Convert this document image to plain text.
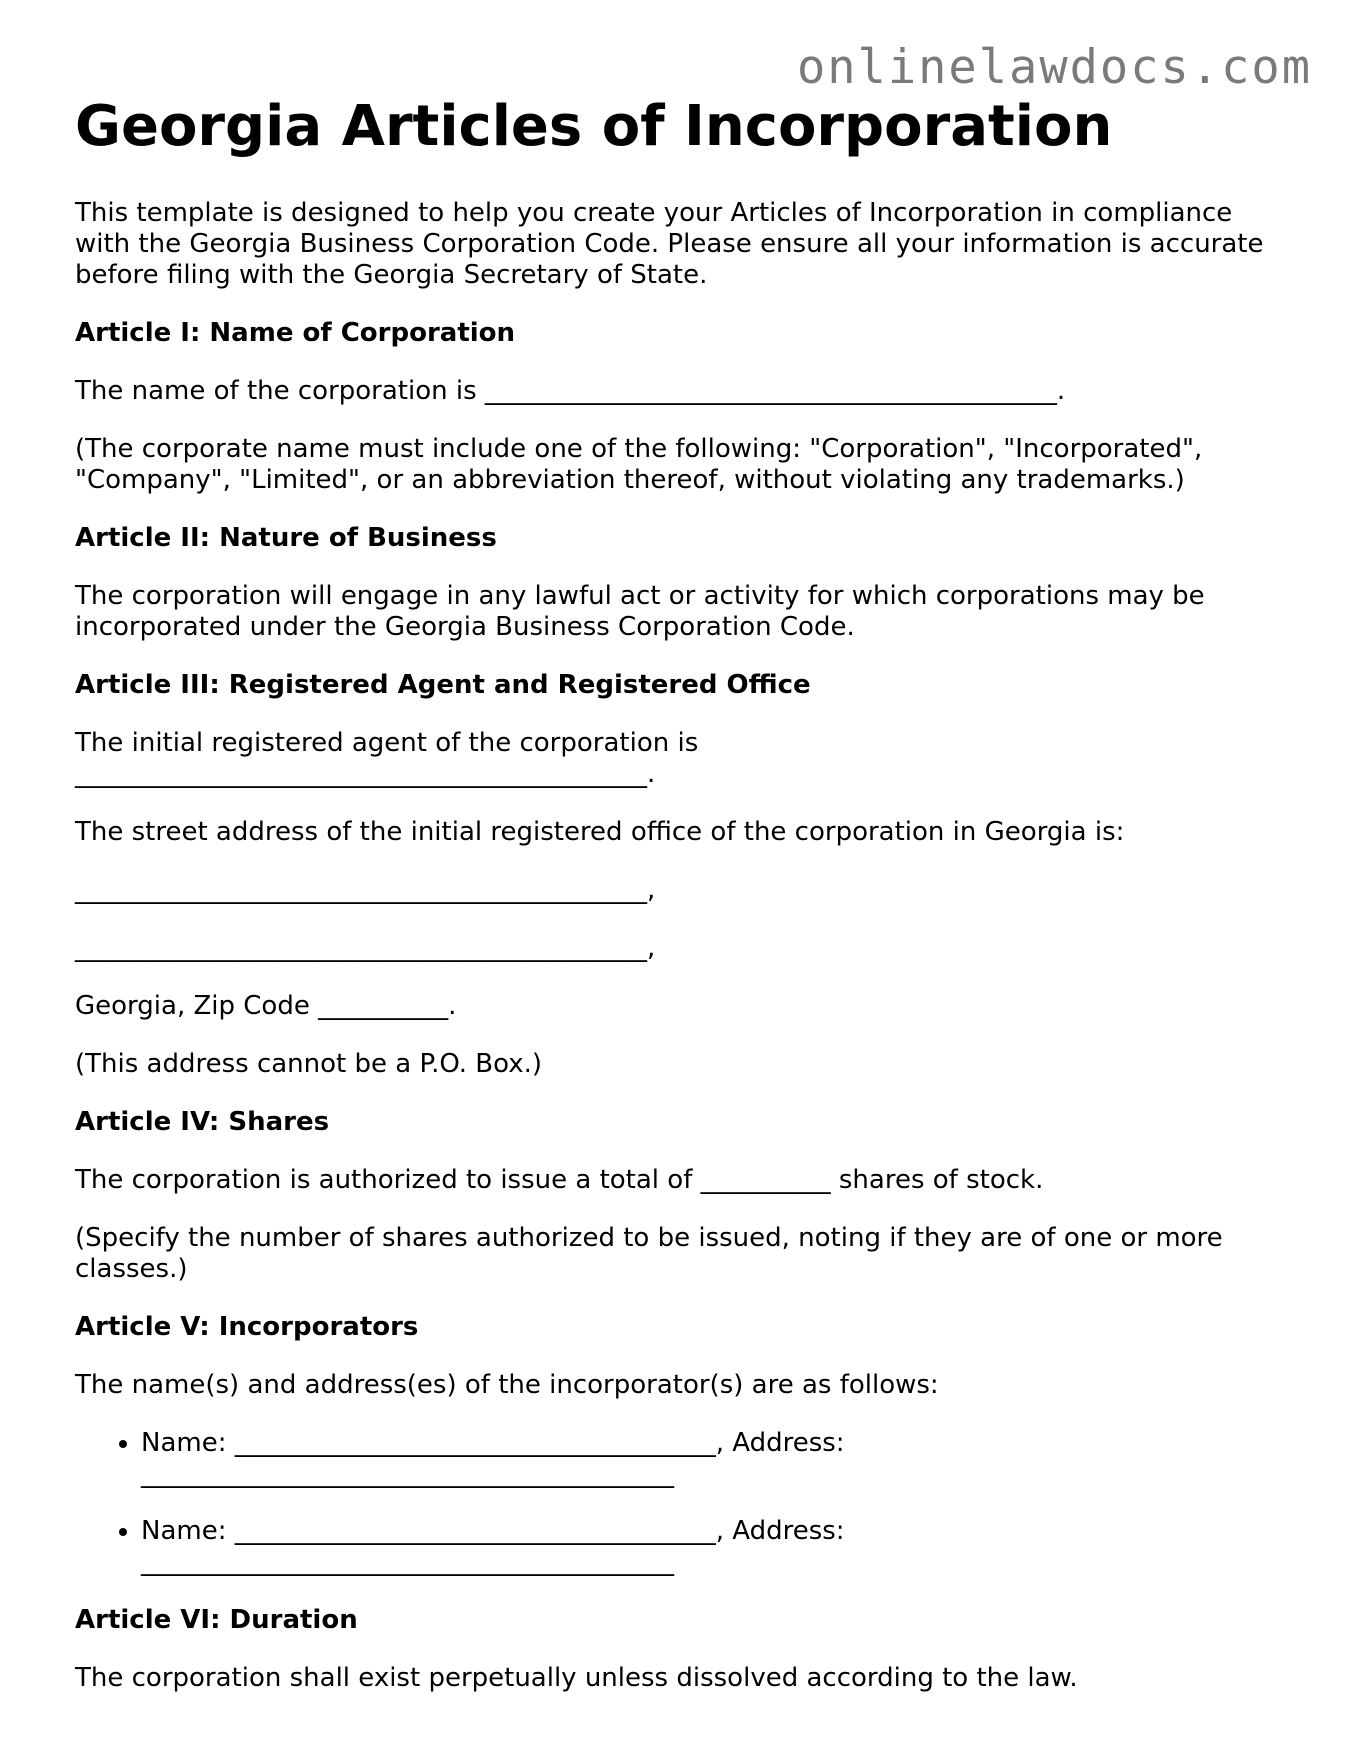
onlinelawdocs.com
Georgia Articles of Incorporation

This template is designed to help you create your Articles of Incorporation in compliance with the Georgia Business Corporation Code. Please ensure all your information is accurate before filing with the Georgia Secretary of State.

Article I: Name of Corporation

The name of the corporation is ____________________________________________.

(The corporate name must include one of the following: "Corporation", "Incorporated", "Company", "Limited", or an abbreviation thereof, without violating any trademarks.)

Article II: Nature of Business

The corporation will engage in any lawful act or activity for which corporations may be incorporated under the Georgia Business Corporation Code.

Article III: Registered Agent and Registered Office

The initial registered agent of the corporation is
____________________________________________.

The street address of the initial registered office of the corporation in Georgia is:

____________________________________________,

____________________________________________,

Georgia, Zip Code __________.

(This address cannot be a P.O. Box.)

Article IV: Shares

The corporation is authorized to issue a total of __________ shares of stock.

(Specify the number of shares authorized to be issued, noting if they are of one or more classes.)

Article V: Incorporators

The name(s) and address(es) of the incorporator(s) are as follows:

• Name: _____________________________________, Address: _________________________________________
• Name: _____________________________________, Address: _________________________________________
Article VI: Duration

The corporation shall exist perpetually unless dissolved according to the law.
